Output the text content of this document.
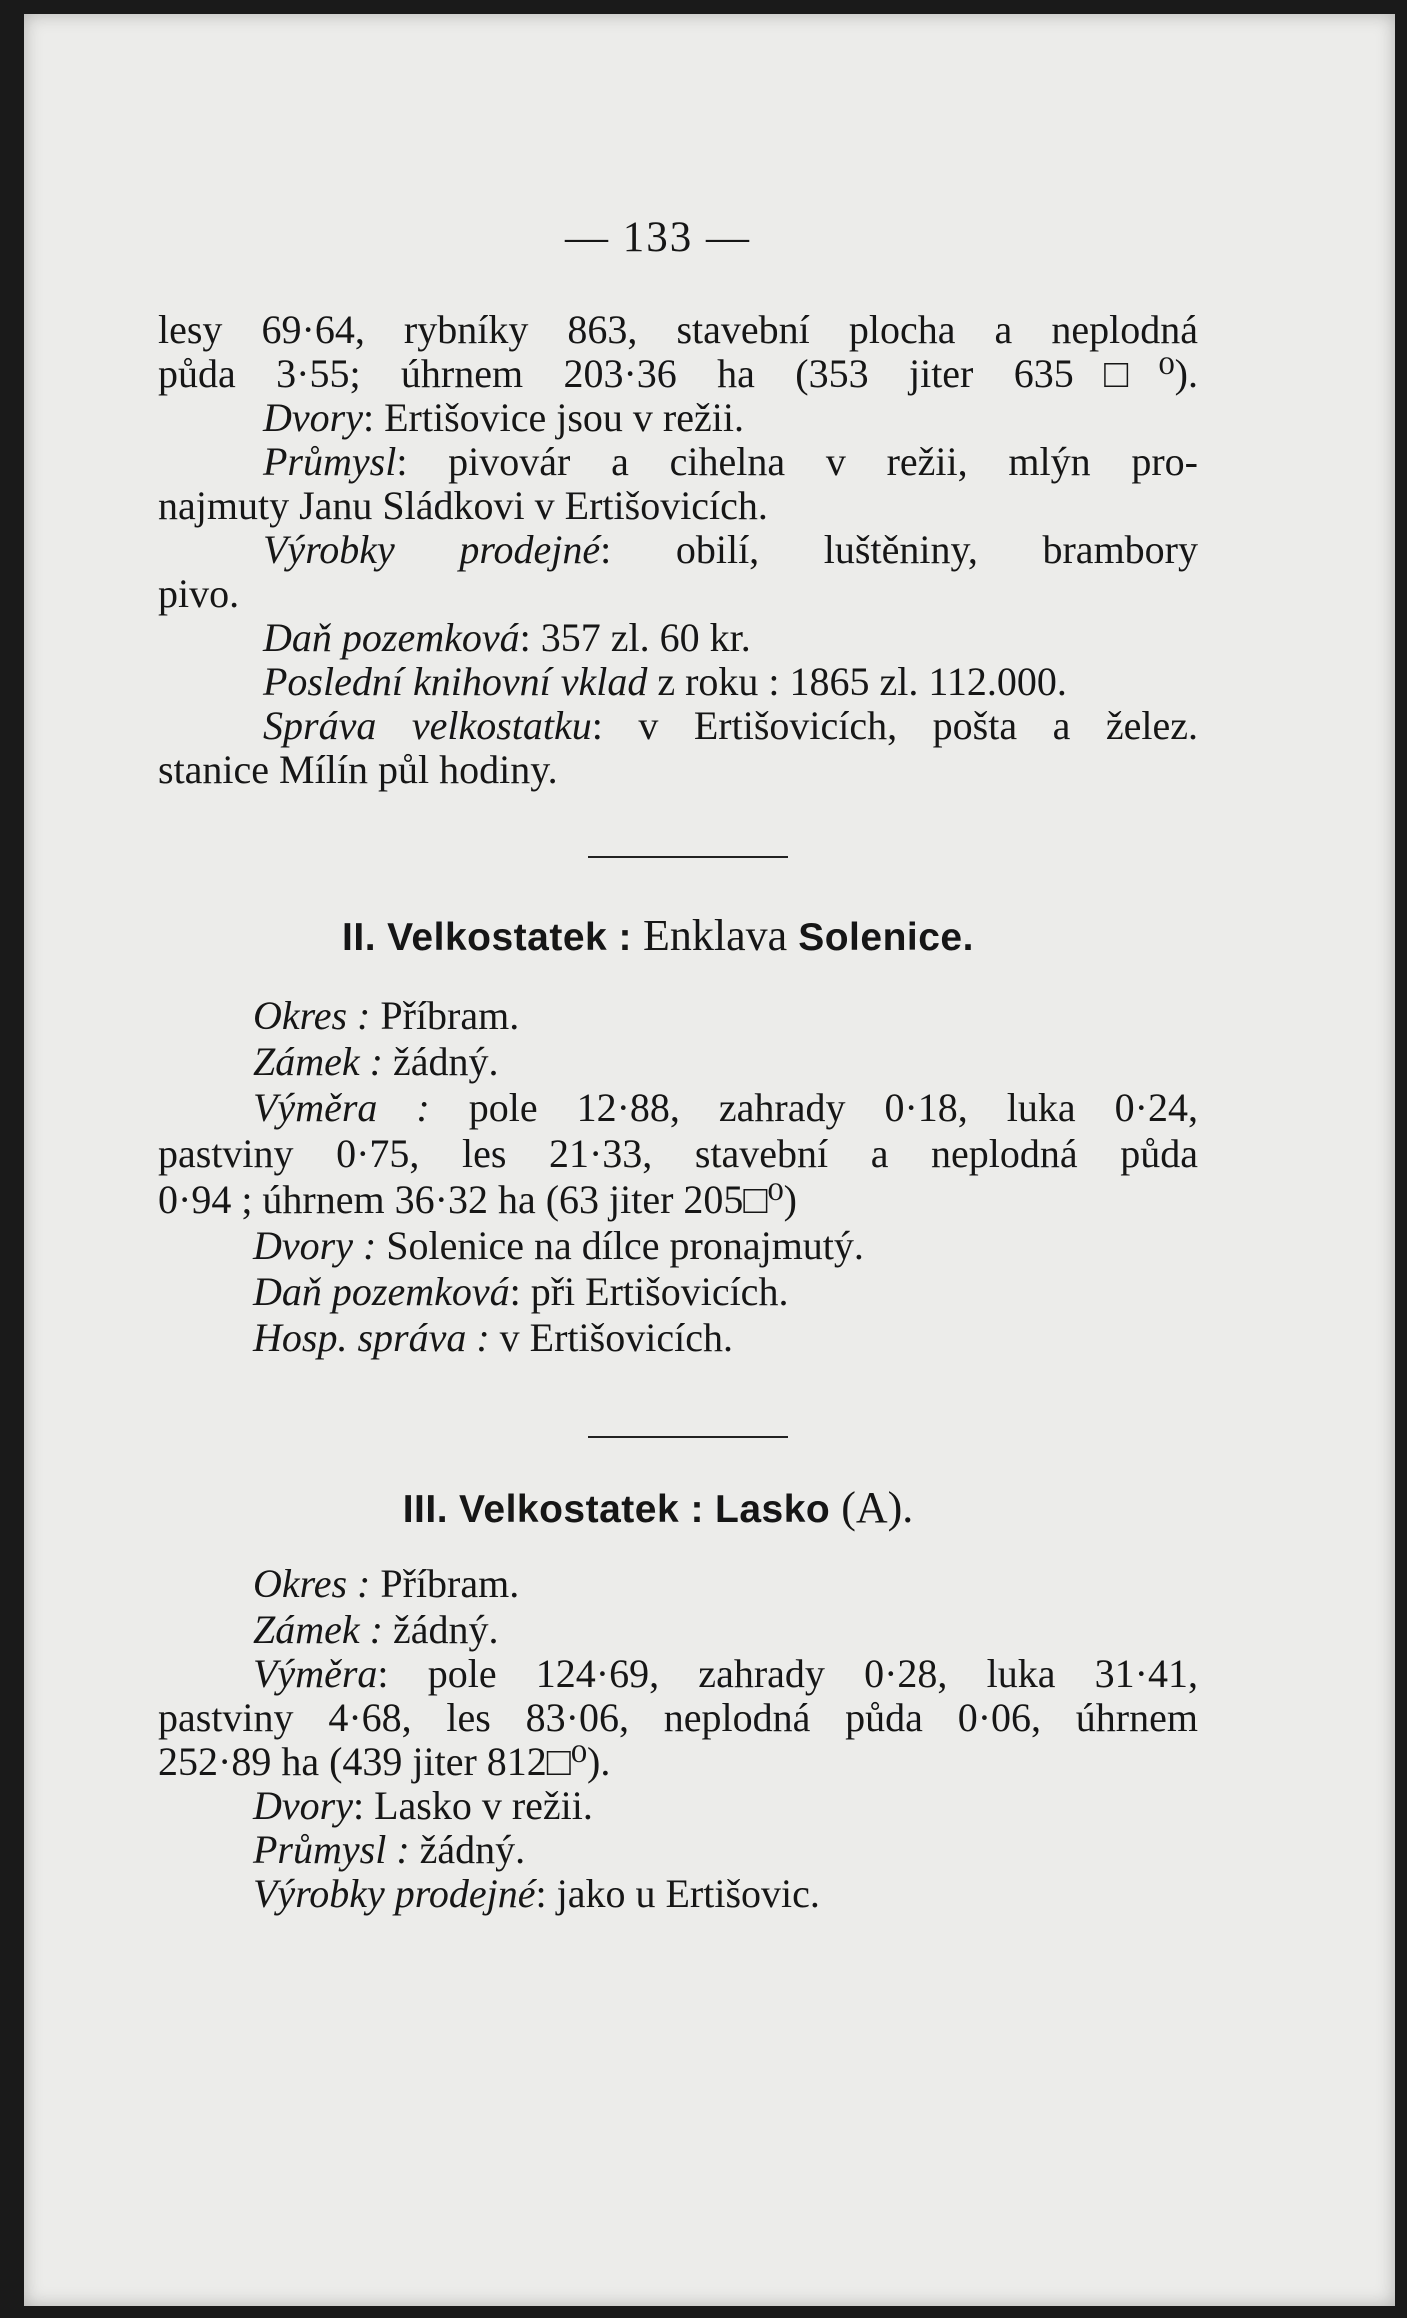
— 133 —
lesy 69·64, rybníky 863, stavební plocha a neplodná
půda 3·55; úhrnem 203·36 ha (353 jiter 635□⁰).
Dvory: Ertišovice jsou v režii.
Průmysl: pivovár a cihelna v režii, mlýn pro-
najmuty Janu Sládkovi v Ertišovicích.
Výrobky prodejné: obilí, luštěniny, brambory
pivo.
Daň pozemková: 357 zl. 60 kr.
Poslední knihovní vklad z roku : 1865 zl. 112.000.
Správa velkostatku: v Ertišovicích, pošta a želez.
stanice Mílín půl hodiny.
II. Velkostatek : Enklava Solenice.
Okres : Příbram.
Zámek : žádný.
Výměra : pole 12·88, zahrady 0·18, luka 0·24,
pastviny 0·75, les 21·33, stavební a neplodná půda
0·94 ; úhrnem 36·32 ha (63 jiter 205□⁰)
Dvory : Solenice na dílce pronajmutý.
Daň pozemková: při Ertišovicích.
Hosp. správa : v Ertišovicích.
III. Velkostatek : Lasko (A).
Okres : Příbram.
Zámek : žádný.
Výměra: pole 124·69, zahrady 0·28, luka 31·41,
pastviny 4·68, les 83·06, neplodná půda 0·06, úhrnem
252·89 ha (439 jiter 812□⁰).
Dvory: Lasko v režii.
Průmysl : žádný.
Výrobky prodejné: jako u Ertišovic.
